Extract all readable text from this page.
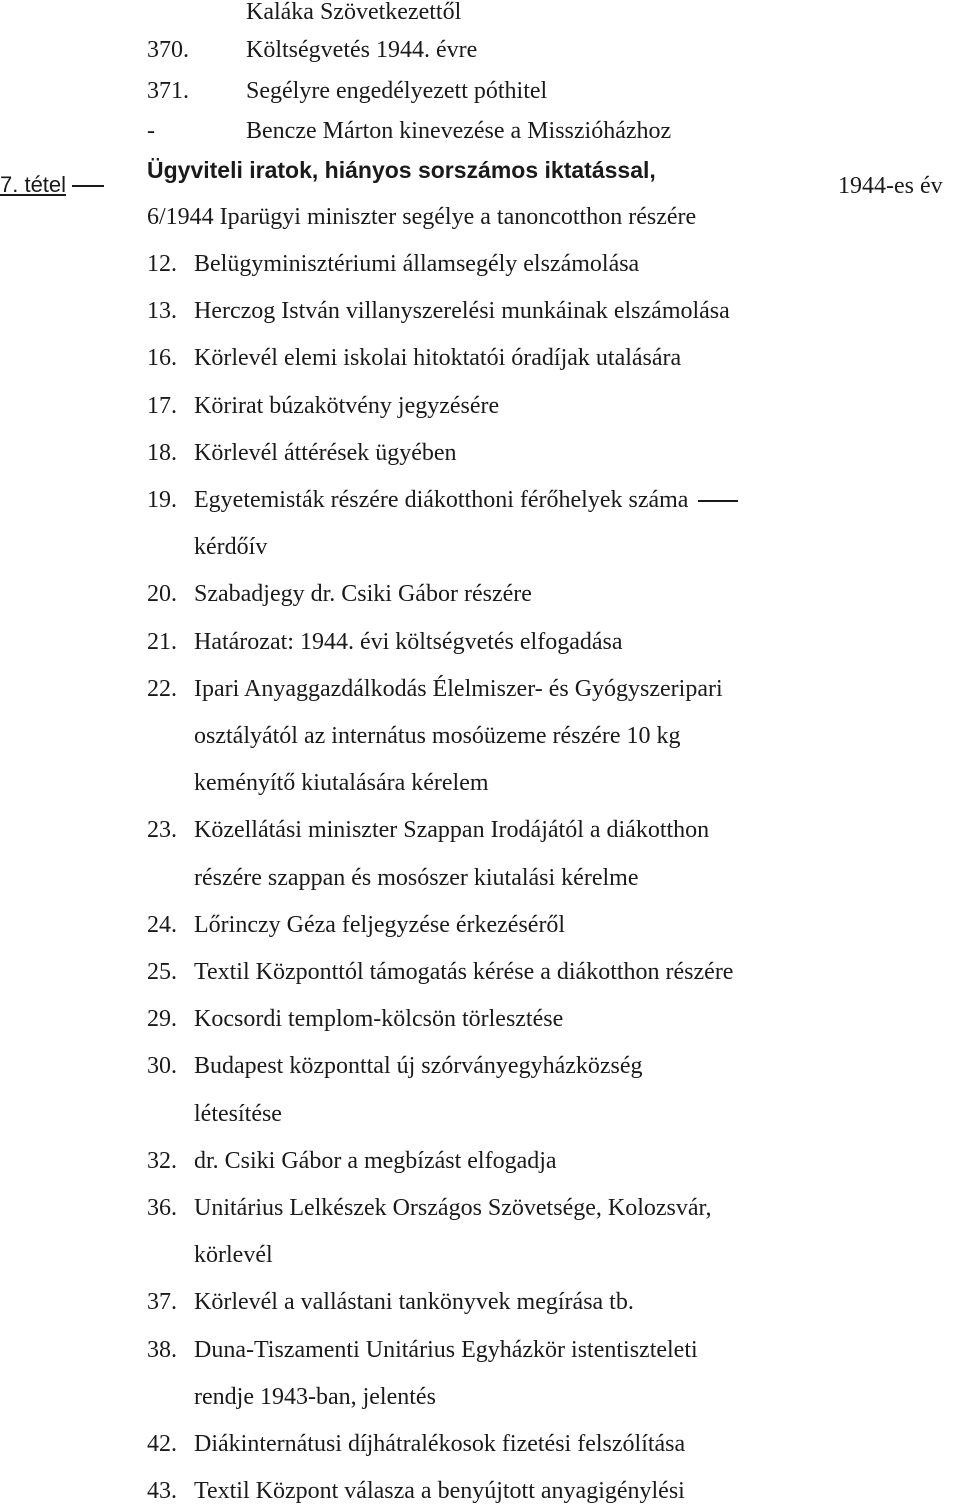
Kaláka Szövetkezettől
370. Költségvetés 1944. évre
371. Segélyre engedélyezett póthitel
-	Bencze Márton kinevezése a Misszióházhoz
7. tétel
Ügyviteli iratok, hiányos sorszámos iktatással,
1944-es év
6/1944 Iparügyi miniszter segélye a tanoncotthon részére
12. Belügyminisztériumi államsegély elszámolása
13. Herczog István villanyszerelési munkáinak elszámolása
16. Körlevél elemi iskolai hitoktatói óradíjak utalására
17. Körirat búzakötvény jegyzésére
18. Körlevél áttérések ügyében
19. Egyetemisták részére diákotthoni férőhelyek száma
kérdőív
20. Szabadjegy dr. Csiki Gábor részére
21. Határozat: 1944. évi költségvetés elfogadása
22. Ipari Anyaggazdálkodás Élelmiszer- és Gyógyszeripari
osztályától az internátus mosóüzeme részére 10 kg
keményítő kiutalására kérelem
23. Közellátási miniszter Szappan Irodájától a diákotthon
részére szappan és mosószer kiutalási kérelme
24. Lőrinczy Géza feljegyzése érkezéséről
25. Textil Központtól támogatás kérése a diákotthon részére
29. Kocsordi templom-kölcsön törlesztése
30. Budapest központtal új szórványegyházközség
létesítése
32. dr. Csiki Gábor a megbízást elfogadja
36. Unitárius Lelkészek Országos Szövetsége, Kolozsvár,
körlevél
37. Körlevél a vallástani tankönyvek megírása tb.
38. Duna-Tiszamenti Unitárius Egyházkör istentiszteleti
rendje 1943-ban, jelentés
42. Diákinternátusi díjhátralékosok fizetési felszólítása
43. Textil Központ válasza a benyújtott anyagigénylési
